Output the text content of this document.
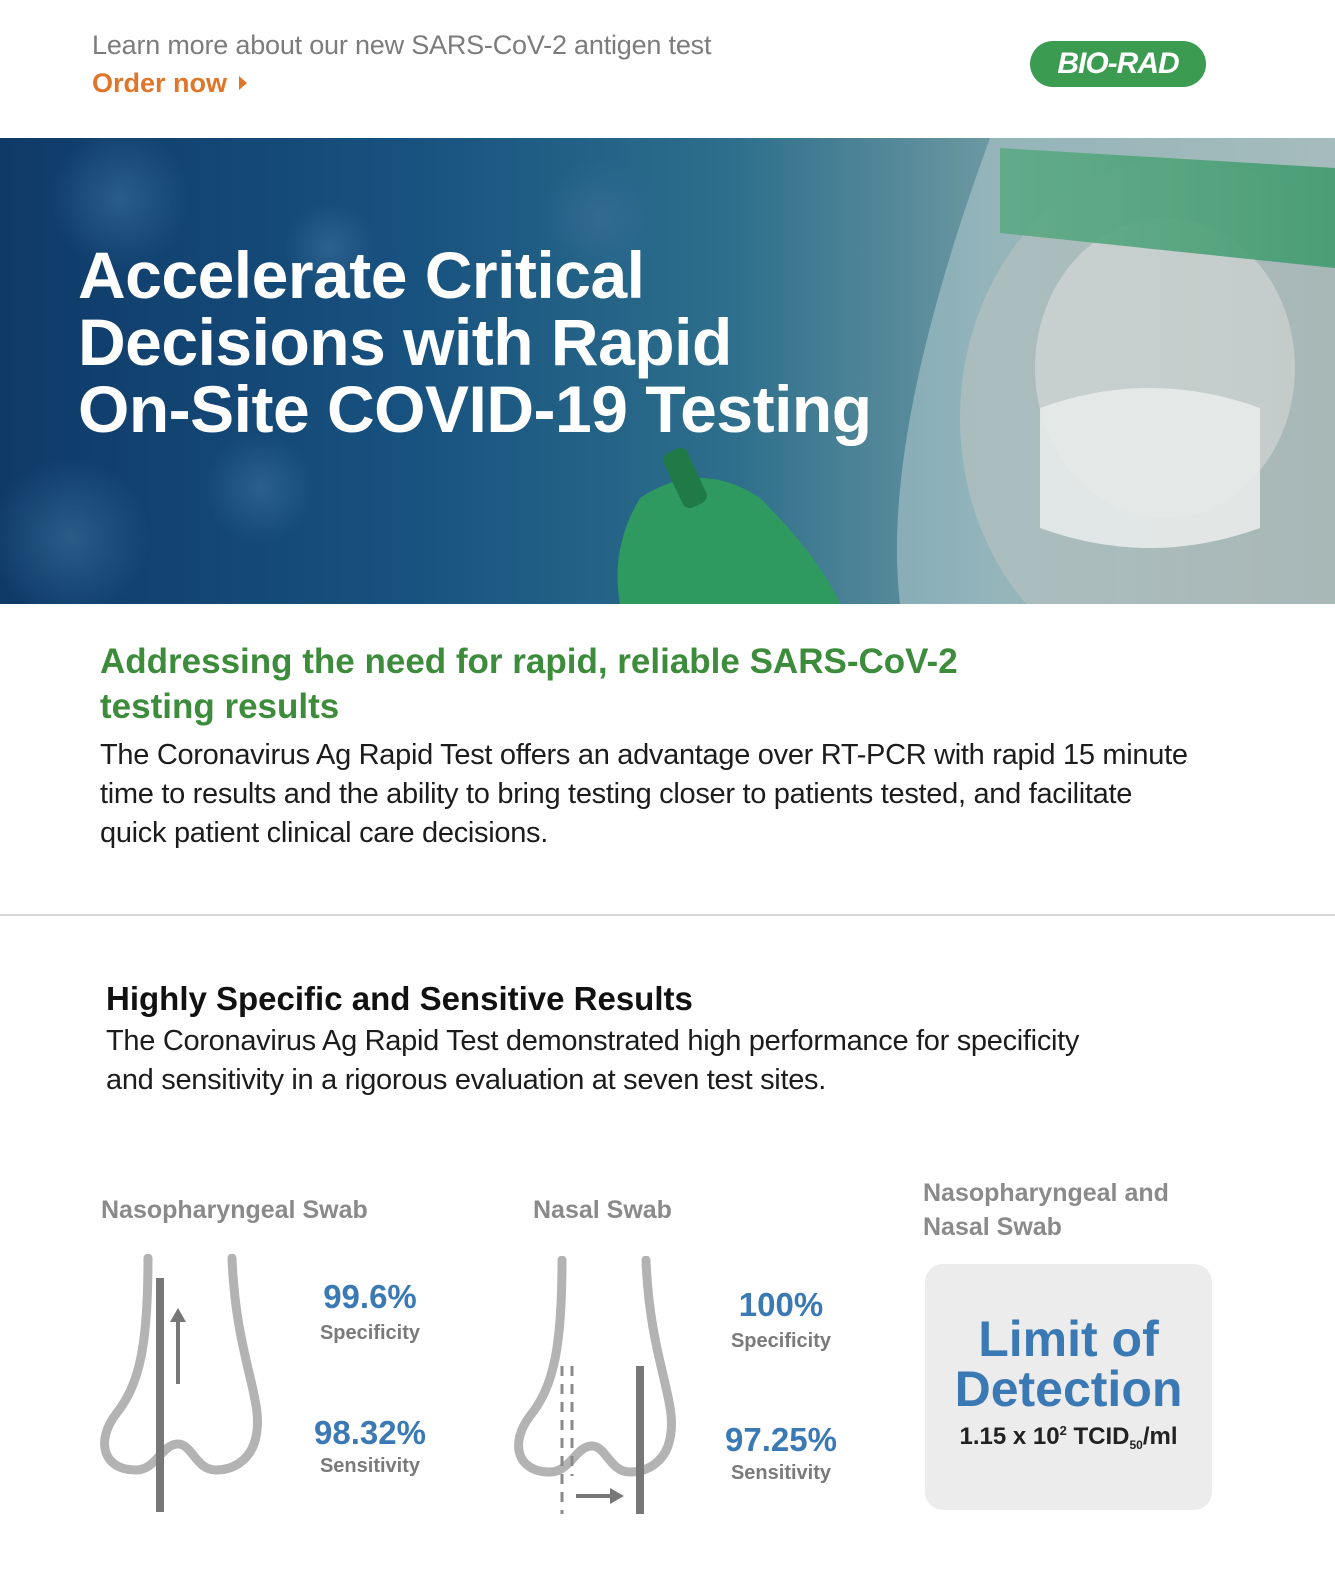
Learn more about our new SARS-CoV-2 antigen test
Order now
BIO-RAD
Accelerate Critical
Decisions with Rapid
On-Site COVID-19 Testing
Addressing the need for rapid, reliable SARS-CoV-2
testing results
The Coronavirus Ag Rapid Test offers an advantage over RT-PCR with rapid 15 minute
time to results and the ability to bring testing closer to patients tested, and facilitate
quick patient clinical care decisions.
Highly Specific and Sensitive Results
The Coronavirus Ag Rapid Test demonstrated high performance for specificity
and sensitivity in a rigorous evaluation at seven test sites.
Nasopharyngeal Swab
99.6%
Specificity
98.32%
Sensitivity
Nasal Swab
100%
Specificity
97.25%
Sensitivity
Nasopharyngeal and
Nasal Swab
Limit of
Detection
1.15 x $10^2$ $TCID_{50}/ml$
